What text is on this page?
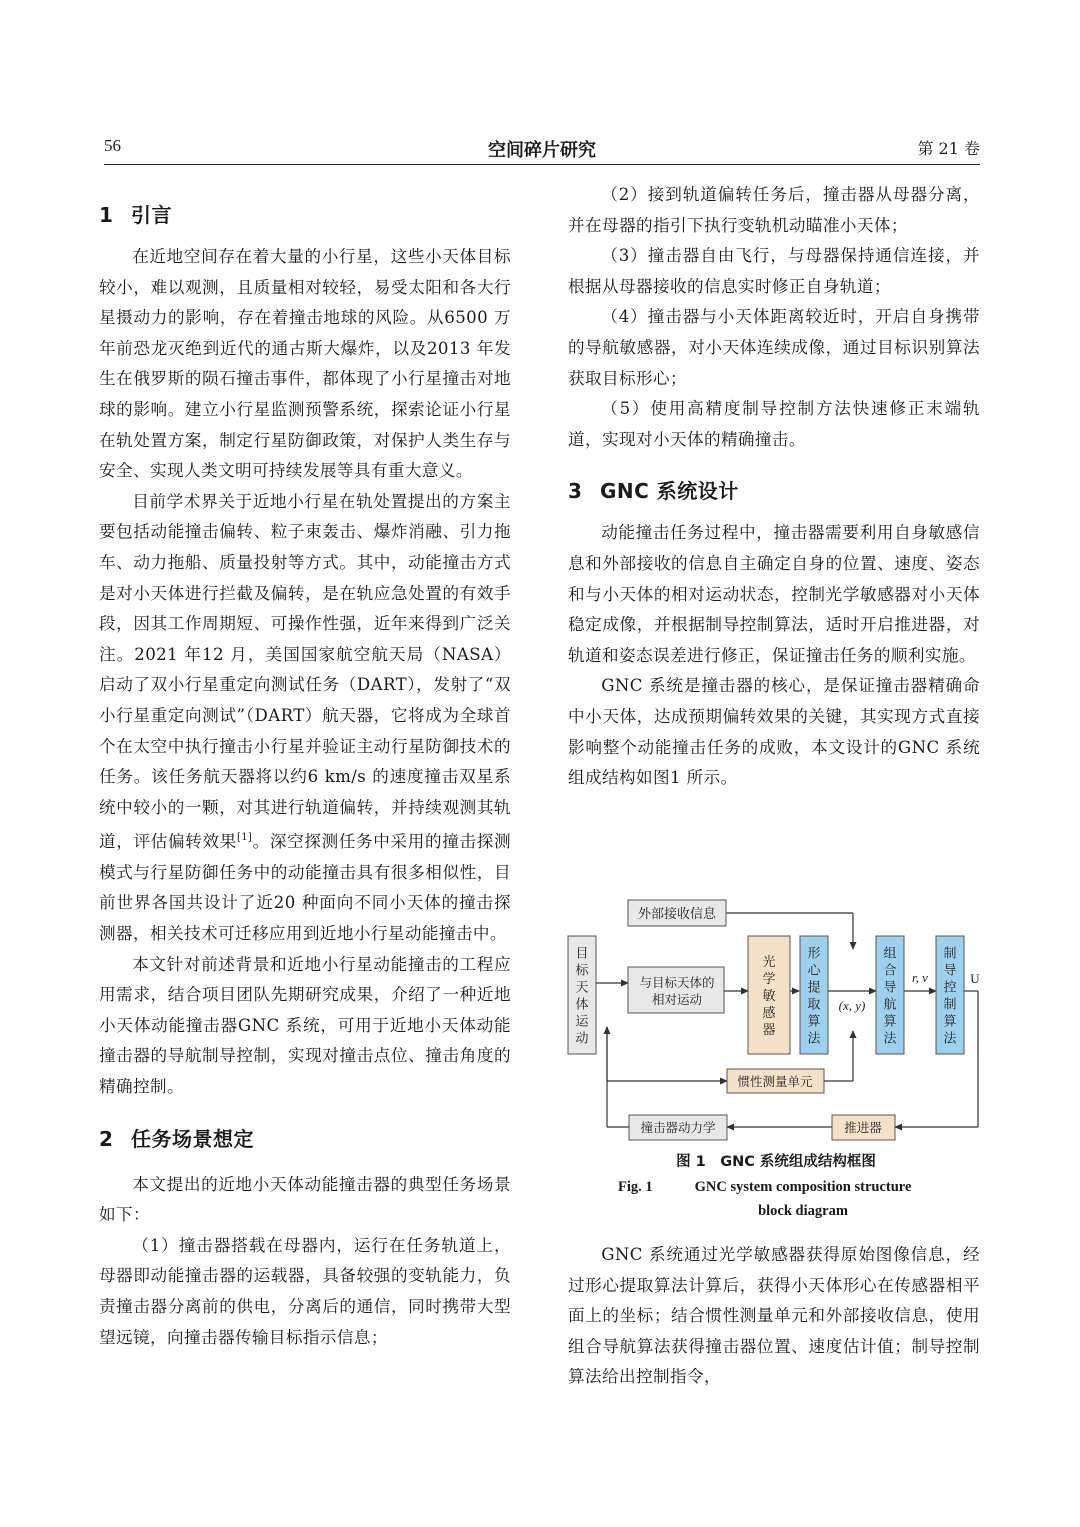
56	空间碎片研究	第 21 卷
1 引言

在近地空间存在着大量的小行星，这些小天体目标较小，难以观测，且质量相对较轻，易受太阳和各大行星摄动力的影响，存在着撞击地球的风险。从6500 万年前恐龙灭绝到近代的通古斯大爆炸，以及2013 年发生在俄罗斯的陨石撞击事件，都体现了小行星撞击对地球的影响。建立小行星监测预警系统，探索论证小行星在轨处置方案，制定行星防御政策，对保护人类生存与安全、实现人类文明可持续发展等具有重大意义。

目前学术界关于近地小行星在轨处置提出的方案主要包括动能撞击偏转、粒子束轰击、爆炸消融、引力拖车、动力拖船、质量投射等方式。其中，动能撞击方式是对小天体进行拦截及偏转，是在轨应急处置的有效手段，因其工作周期短、可操作性强，近年来得到广泛关注。2021 年12 月，美国国家航空航天局（NASA）启动了双小行星重定向测试任务（DART），发射了“双小行星重定向测试”（DART）航天器，它将成为全球首个在太空中执行撞击小行星并验证主动行星防御技术的任务。该任务航天器将以约6 km/s 的速度撞击双星系统中较小的一颗，对其进行轨道偏转，并持续观测其轨道，评估偏转效果[1]。深空探测任务中采用的撞击探测模式与行星防御任务中的动能撞击具有很多相似性，目前世界各国共设计了近20 种面向不同小天体的撞击探测器，相关技术可迁移应用到近地小行星动能撞击中。

本文针对前述背景和近地小行星动能撞击的工程应用需求，结合项目团队先期研究成果，介绍了一种近地小天体动能撞击器GNC 系统，可用于近地小天体动能撞击器的导航制导控制，实现对撞击点位、撞击角度的精确控制。

2 任务场景想定

本文提出的近地小天体动能撞击器的典型任务场景如下：

（1）撞击器搭载在母器内，运行在任务轨道上，母器即动能撞击器的运载器，具备较强的变轨能力，负责撞击器分离前的供电，分离后的通信，同时携带大型望远镜，向撞击器传输目标指示信息；

（2）接到轨道偏转任务后，撞击器从母器分离，并在母器的指引下执行变轨机动瞄准小天体；

（3）撞击器自由飞行，与母器保持通信连接，并根据从母器接收的信息实时修正自身轨道；

（4）撞击器与小天体距离较近时，开启自身携带的导航敏感器，对小天体连续成像，通过目标识别算法获取目标形心；

（5）使用高精度制导控制方法快速修正末端轨道，实现对小天体的精确撞击。

3 GNC 系统设计

动能撞击任务过程中，撞击器需要利用自身敏感信息和外部接收的信息自主确定自身的位置、速度、姿态和与小天体的相对运动状态，控制光学敏感器对小天体稳定成像，并根据制导控制算法，适时开启推进器，对轨道和姿态误差进行修正，保证撞击任务的顺利实施。

GNC 系统是撞击器的核心，是保证撞击器精确命中小天体，达成预期偏转效果的关键，其实现方式直接影响整个动能撞击任务的成败，本文设计的GNC 系统组成结构如图1 所示。

外部接收信息
与目标天体的
相对运动
惯性测量单元
撞击器动力学	推进器
目标天体运动
光学敏感器
形心提取算法
组合导航算法
制导控制算法
(x, y)
r, v	U
图 1　GNC 系统组成结构框图
Fig. 1	GNC system composition structure
block diagram

GNC 系统通过光学敏感器获得原始图像信息，经过形心提取算法计算后，获得小天体形心在传感器相平面上的坐标；结合惯性测量单元和外部接收信息，使用组合导航算法获得撞击器位置、速度估计值；制导控制算法给出控制指令，
